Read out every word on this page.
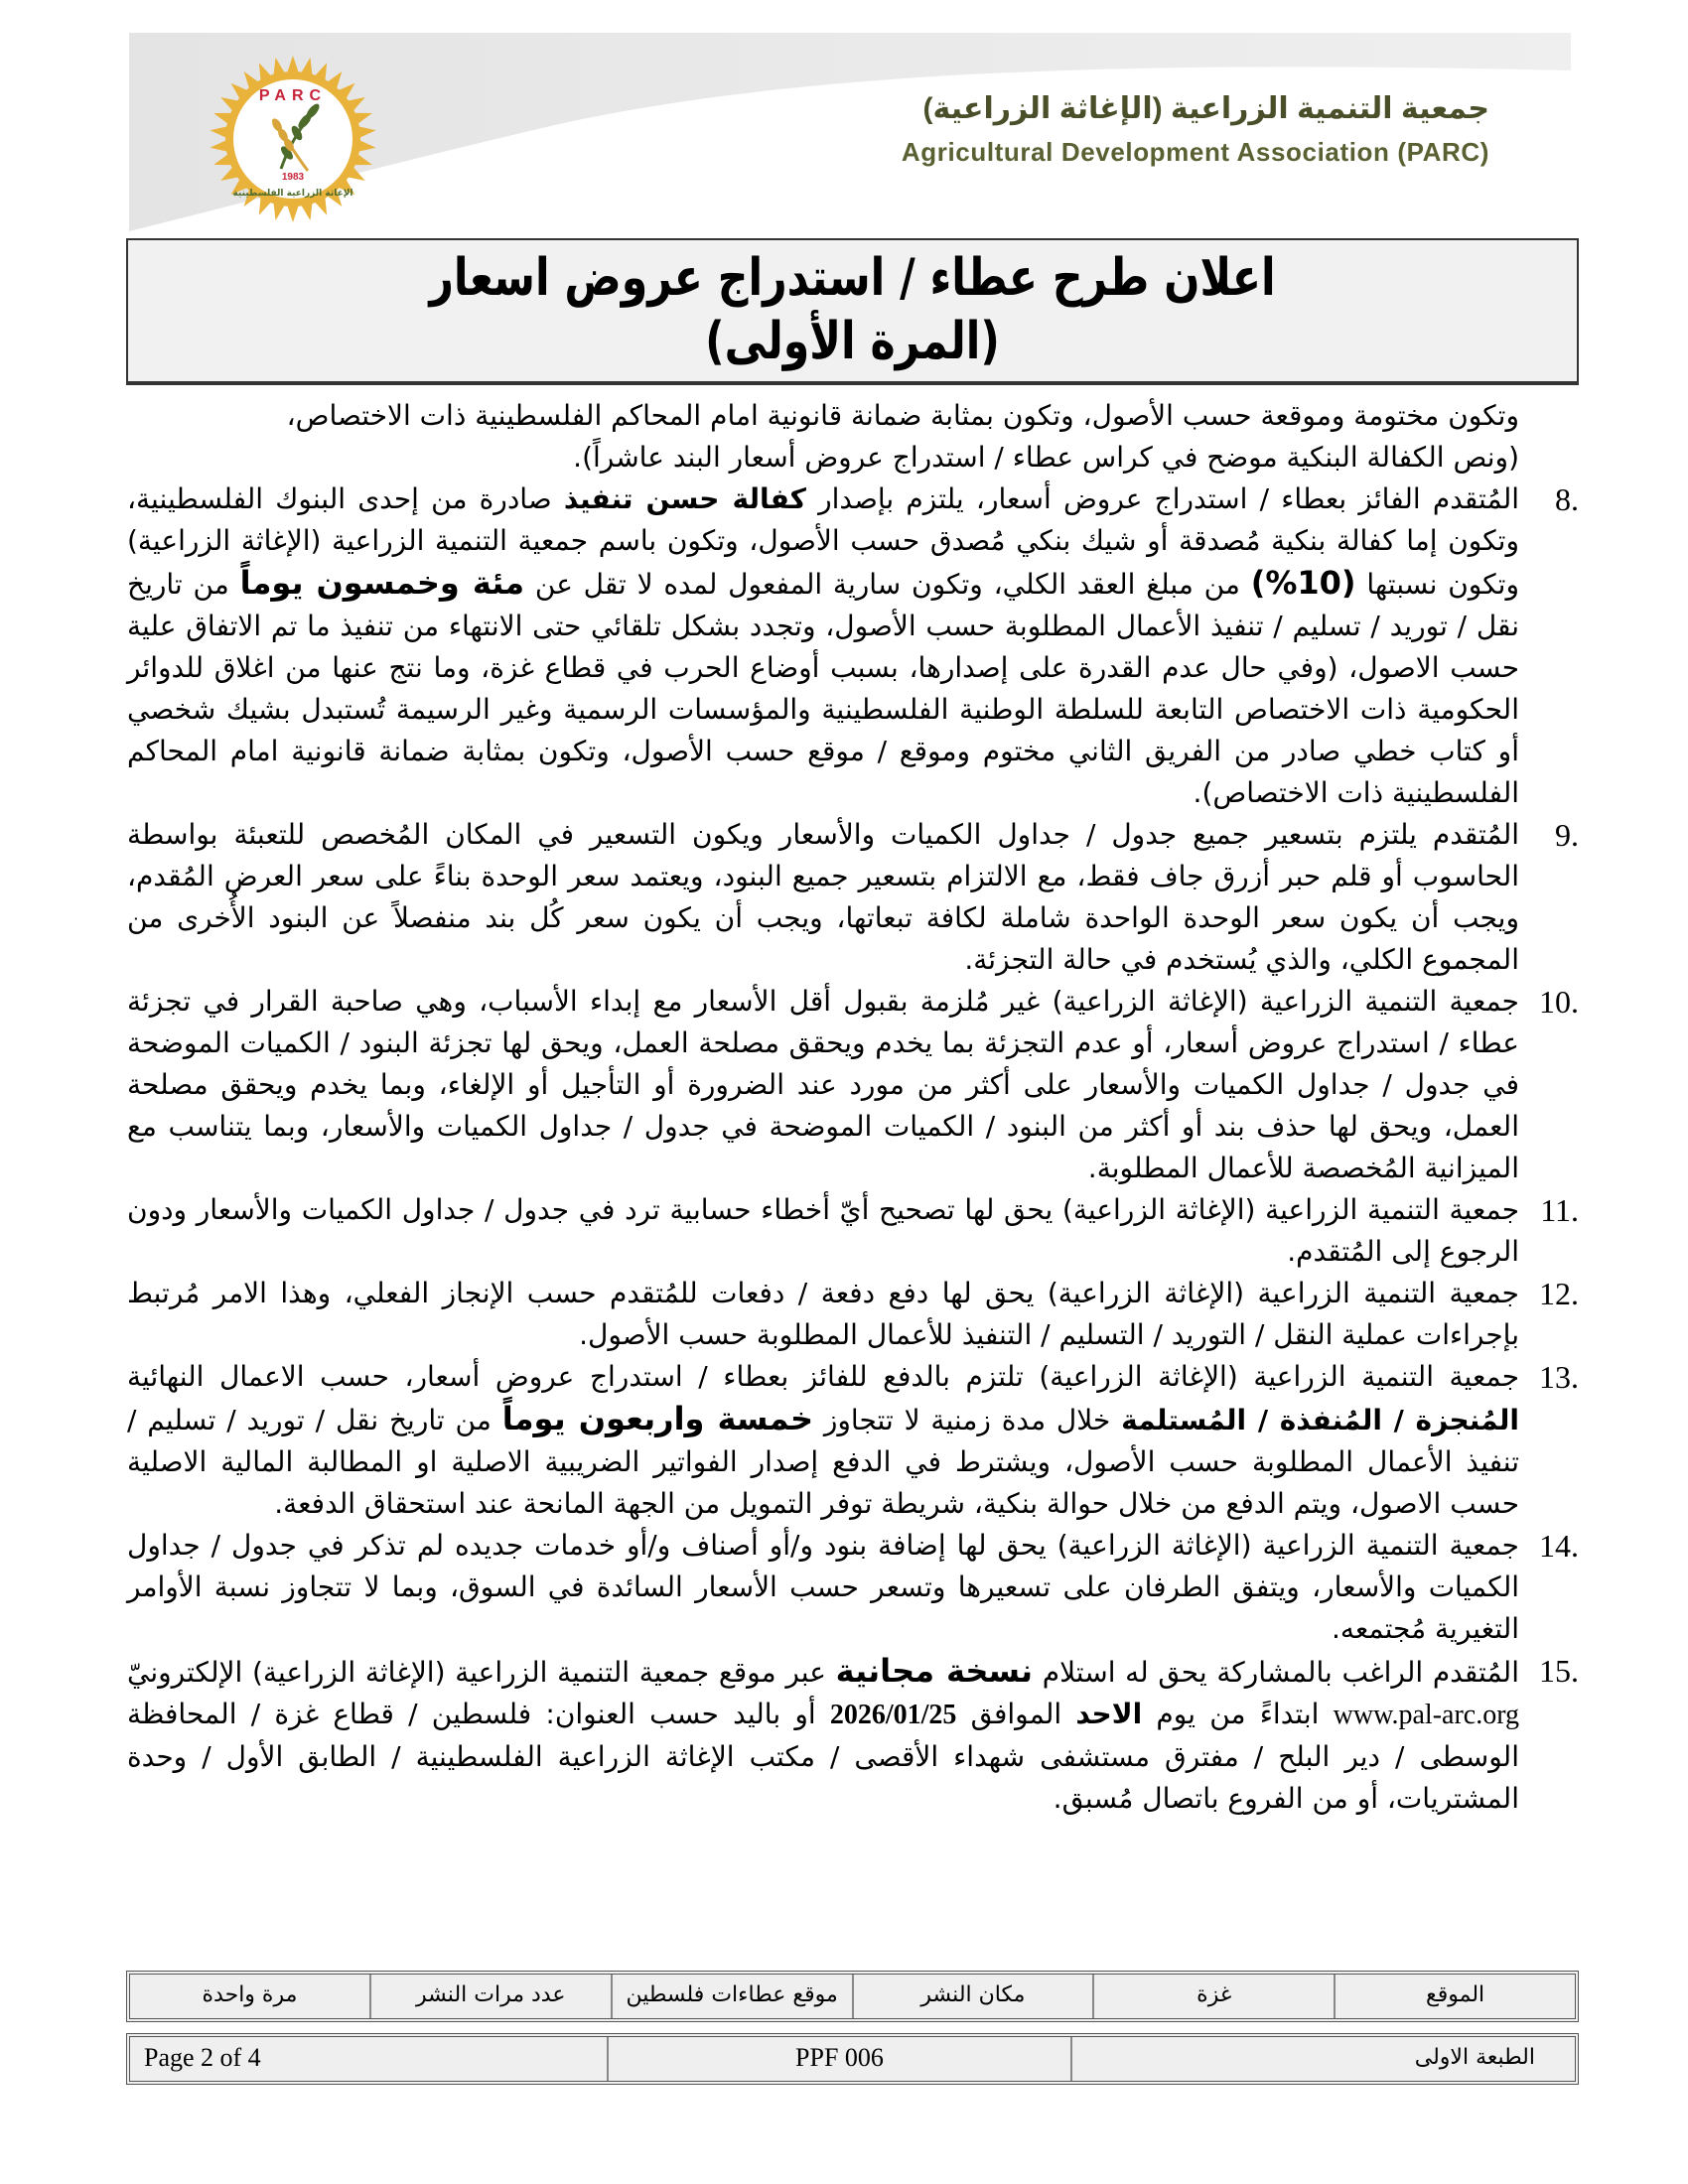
PARC
1983
الإغاثة الزراعية الفلسطينية
جمعية التنمية الزراعية (الإغاثة الزراعية)
Agricultural Development Association (PARC)
اعلان طرح عطاء / استدراج عروض اسعار
(المرة الأولى)

وتكون مختومة وموقعة حسب الأصول، وتكون بمثابة ضمانة قانونية امام المحاكم الفلسطينية ذات الاختصاص،

(ونص الكفالة البنكية موضح في كراس عطاء / استدراج عروض أسعار البند عاشراً).

8.
المُتقدم الفائز بعطاء / استدراج عروض أسعار، يلتزم بإصدار كفالة حسن تنفيذ صادرة من إحدى البنوك الفلسطينية، وتكون إما كفالة بنكية مُصدقة أو شيك بنكي مُصدق حسب الأصول، وتكون باسم جمعية التنمية الزراعية (الإغاثة الزراعية) وتكون نسبتها (10%) من مبلغ العقد الكلي، وتكون سارية المفعول لمده لا تقل عن مئة وخمسون يوماً من تاريخ نقل / توريد / تسليم / تنفيذ الأعمال المطلوبة حسب الأصول، وتجدد بشكل تلقائي حتى الانتهاء من تنفيذ ما تم الاتفاق علية حسب الاصول، (وفي حال عدم القدرة على إصدارها، بسبب أوضاع الحرب في قطاع غزة، وما نتج عنها من اغلاق للدوائر الحكومية ذات الاختصاص التابعة للسلطة الوطنية الفلسطينية والمؤسسات الرسمية وغير الرسيمة تُستبدل بشيك شخصي أو كتاب خطي صادر من الفريق الثاني مختوم وموقع / موقع حسب الأصول، وتكون بمثابة ضمانة قانونية امام المحاكم الفلسطينية ذات الاختصاص).
9.
المُتقدم يلتزم بتسعير جميع جدول / جداول الكميات والأسعار ويكون التسعير في المكان المُخصص للتعبئة بواسطة الحاسوب أو قلم حبر أزرق جاف فقط، مع الالتزام بتسعير جميع البنود، ويعتمد سعر الوحدة بناءً على سعر العرض المُقدم، ويجب أن يكون سعر الوحدة الواحدة شاملة لكافة تبعاتها، ويجب أن يكون سعر كُل بند منفصلاً عن البنود الأُخرى من المجموع الكلي، والذي يُستخدم في حالة التجزئة.
10.
جمعية التنمية الزراعية (الإغاثة الزراعية) غير مُلزمة بقبول أقل الأسعار مع إبداء الأسباب، وهي صاحبة القرار في تجزئة عطاء / استدراج عروض أسعار، أو عدم التجزئة بما يخدم ويحقق مصلحة العمل، ويحق لها تجزئة البنود / الكميات الموضحة في جدول / جداول الكميات والأسعار على أكثر من مورد عند الضرورة أو التأجيل أو الإلغاء، وبما يخدم ويحقق مصلحة العمل، ويحق لها حذف بند أو أكثر من البنود / الكميات الموضحة في جدول / جداول الكميات والأسعار، وبما يتناسب مع الميزانية المُخصصة للأعمال المطلوبة.
11.
جمعية التنمية الزراعية (الإغاثة الزراعية) يحق لها تصحيح أيّ أخطاء حسابية ترد في جدول / جداول الكميات والأسعار ودون الرجوع إلى المُتقدم.
12.
جمعية التنمية الزراعية (الإغاثة الزراعية) يحق لها دفع دفعة / دفعات للمُتقدم حسب الإنجاز الفعلي، وهذا الامر مُرتبط بإجراءات عملية النقل / التوريد / التسليم / التنفيذ للأعمال المطلوبة حسب الأصول.
13.
جمعية التنمية الزراعية (الإغاثة الزراعية) تلتزم بالدفع للفائز بعطاء / استدراج عروض أسعار، حسب الاعمال النهائية المُنجزة / المُنفذة / المُستلمة خلال مدة زمنية لا تتجاوز خمسة واربعون يوماً من تاريخ نقل / توريد / تسليم / تنفيذ الأعمال المطلوبة حسب الأصول، ويشترط في الدفع إصدار الفواتير الضريبية الاصلية او المطالبة المالية الاصلية حسب الاصول، ويتم الدفع من خلال حوالة بنكية، شريطة توفر التمويل من الجهة المانحة عند استحقاق الدفعة.
14.
جمعية التنمية الزراعية (الإغاثة الزراعية) يحق لها إضافة بنود و/أو أصناف و/أو خدمات جديده لم تذكر في جدول / جداول الكميات والأسعار، ويتفق الطرفان على تسعيرها وتسعر حسب الأسعار السائدة في السوق، وبما لا تتجاوز نسبة الأوامر التغيرية مُجتمعه.
15.
المُتقدم الراغب بالمشاركة يحق له استلام نسخة مجانية عبر موقع جمعية التنمية الزراعية (الإغاثة الزراعية) الإلكترونيّ www.pal-arc.org ابتداءً من يوم الاحد الموافق 2026/01/25 أو باليد حسب العنوان: فلسطين / قطاع غزة / المحافظة الوسطى / دير البلح / مفترق مستشفى شهداء الأقصى / مكتب الإغاثة الزراعية الفلسطينية / الطابق الأول / وحدة المشتريات، أو من الفروع باتصال مُسبق.
الموقع
غزة
مكان النشر
موقع عطاءات فلسطين
عدد مرات النشر
مرة واحدة
الطبعة الاولى
PPF 006
Page 2 of 4
